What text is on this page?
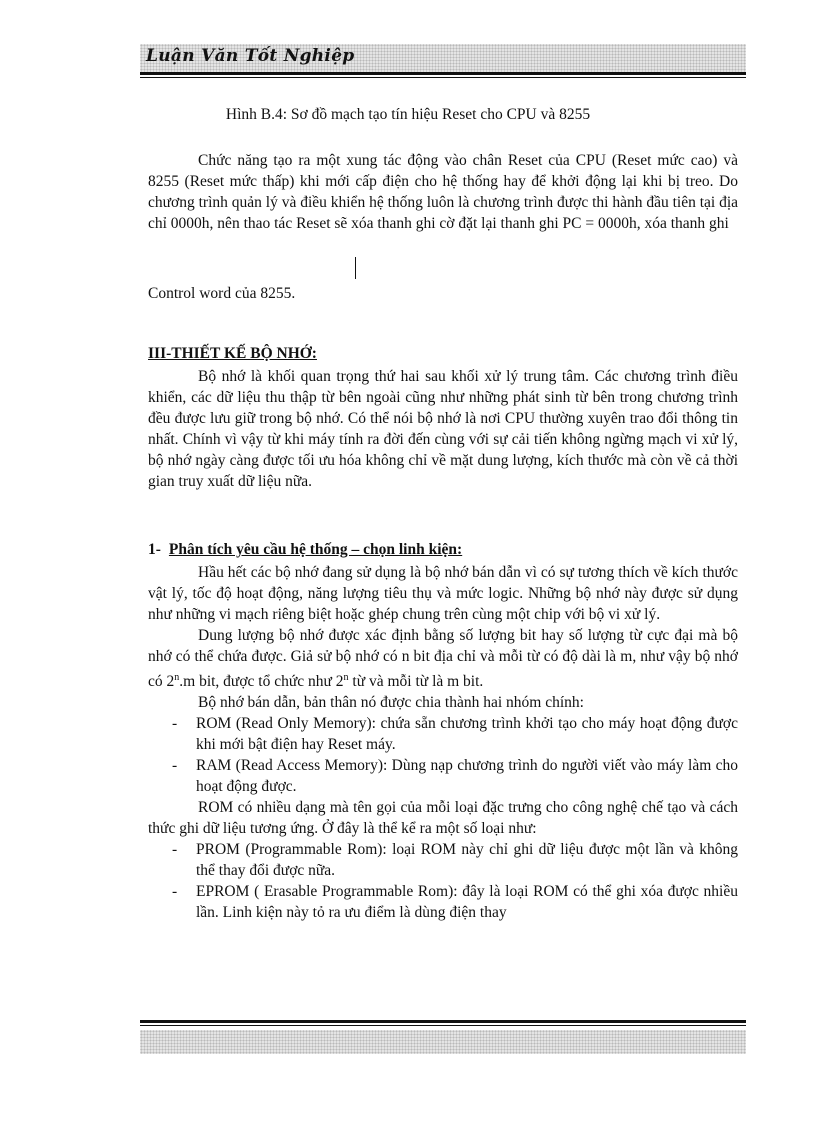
Luận Văn Tốt Nghiệp
Hình B.4: Sơ đồ mạch tạo tín hiệu Reset cho CPU và 8255

Chức năng tạo ra một xung tác động vào chân Reset của CPU (Reset mức cao) và 8255 (Reset mức thấp) khi mới cấp điện cho hệ thống hay để khởi động lại khi bị treo. Do chương trình quản lý và điều khiển hệ thống luôn là chương trình được thi hành đầu tiên tại địa chỉ 0000h, nên thao tác Reset sẽ xóa thanh ghi cờ đặt lại thanh ghi PC = 0000h, xóa thanh ghi

Control word của 8255.

III-THIẾT KẾ BỘ NHỚ:

Bộ nhớ là khối quan trọng thứ hai sau khối xử lý trung tâm. Các chương trình điều khiển, các dữ liệu thu thập từ bên ngoài cũng như những phát sinh từ bên trong chương trình đều được lưu giữ trong bộ nhớ. Có thể nói bộ nhớ là nơi CPU thường xuyên trao đổi thông tin nhất. Chính vì vậy từ khi máy tính ra đời đến cùng với sự cải tiến không ngừng mạch vi xử lý, bộ nhớ ngày càng được tối ưu hóa không chỉ về mặt dung lượng, kích thước mà còn về cả thời gian truy xuất dữ liệu nữa.

1- Phân tích yêu cầu hệ thống – chọn linh kiện:

Hầu hết các bộ nhớ đang sử dụng là bộ nhớ bán dẫn vì có sự tương thích về kích thước vật lý, tốc độ hoạt động, năng lượng tiêu thụ và mức logic. Những bộ nhớ này được sử dụng như những vi mạch riêng biệt hoặc ghép chung trên cùng một chip với bộ vi xử lý.

Dung lượng bộ nhớ được xác định bằng số lượng bit hay số lượng từ cực đại mà bộ nhớ có thể chứa được. Giả sử bộ nhớ có n bit địa chỉ và mỗi từ có độ dài là m, như vậy bộ nhớ có 2$^n$.m bit, được tổ chức như 2$^n$ từ và mỗi từ là m bit.

Bộ nhớ bán dẫn, bản thân nó được chia thành hai nhóm chính:

- ROM (Read Only Memory): chứa sẵn chương trình khởi tạo cho máy hoạt động được khi mới bật điện hay Reset máy.

- RAM (Read Access Memory): Dùng nạp chương trình do người viết vào máy làm cho hoạt động được.

ROM có nhiều dạng mà tên gọi của mỗi loại đặc trưng cho công nghệ chế tạo và cách thức ghi dữ liệu tương ứng. Ở đây là thể kể ra một số loại như:

- PROM (Programmable Rom): loại ROM này chỉ ghi dữ liệu được một lần và không thể thay đổi được nữa.

- EPROM ( Erasable Programmable Rom): đây là loại ROM có thể ghi xóa được nhiều lần. Linh kiện này tỏ ra ưu điểm là dùng điện thay
